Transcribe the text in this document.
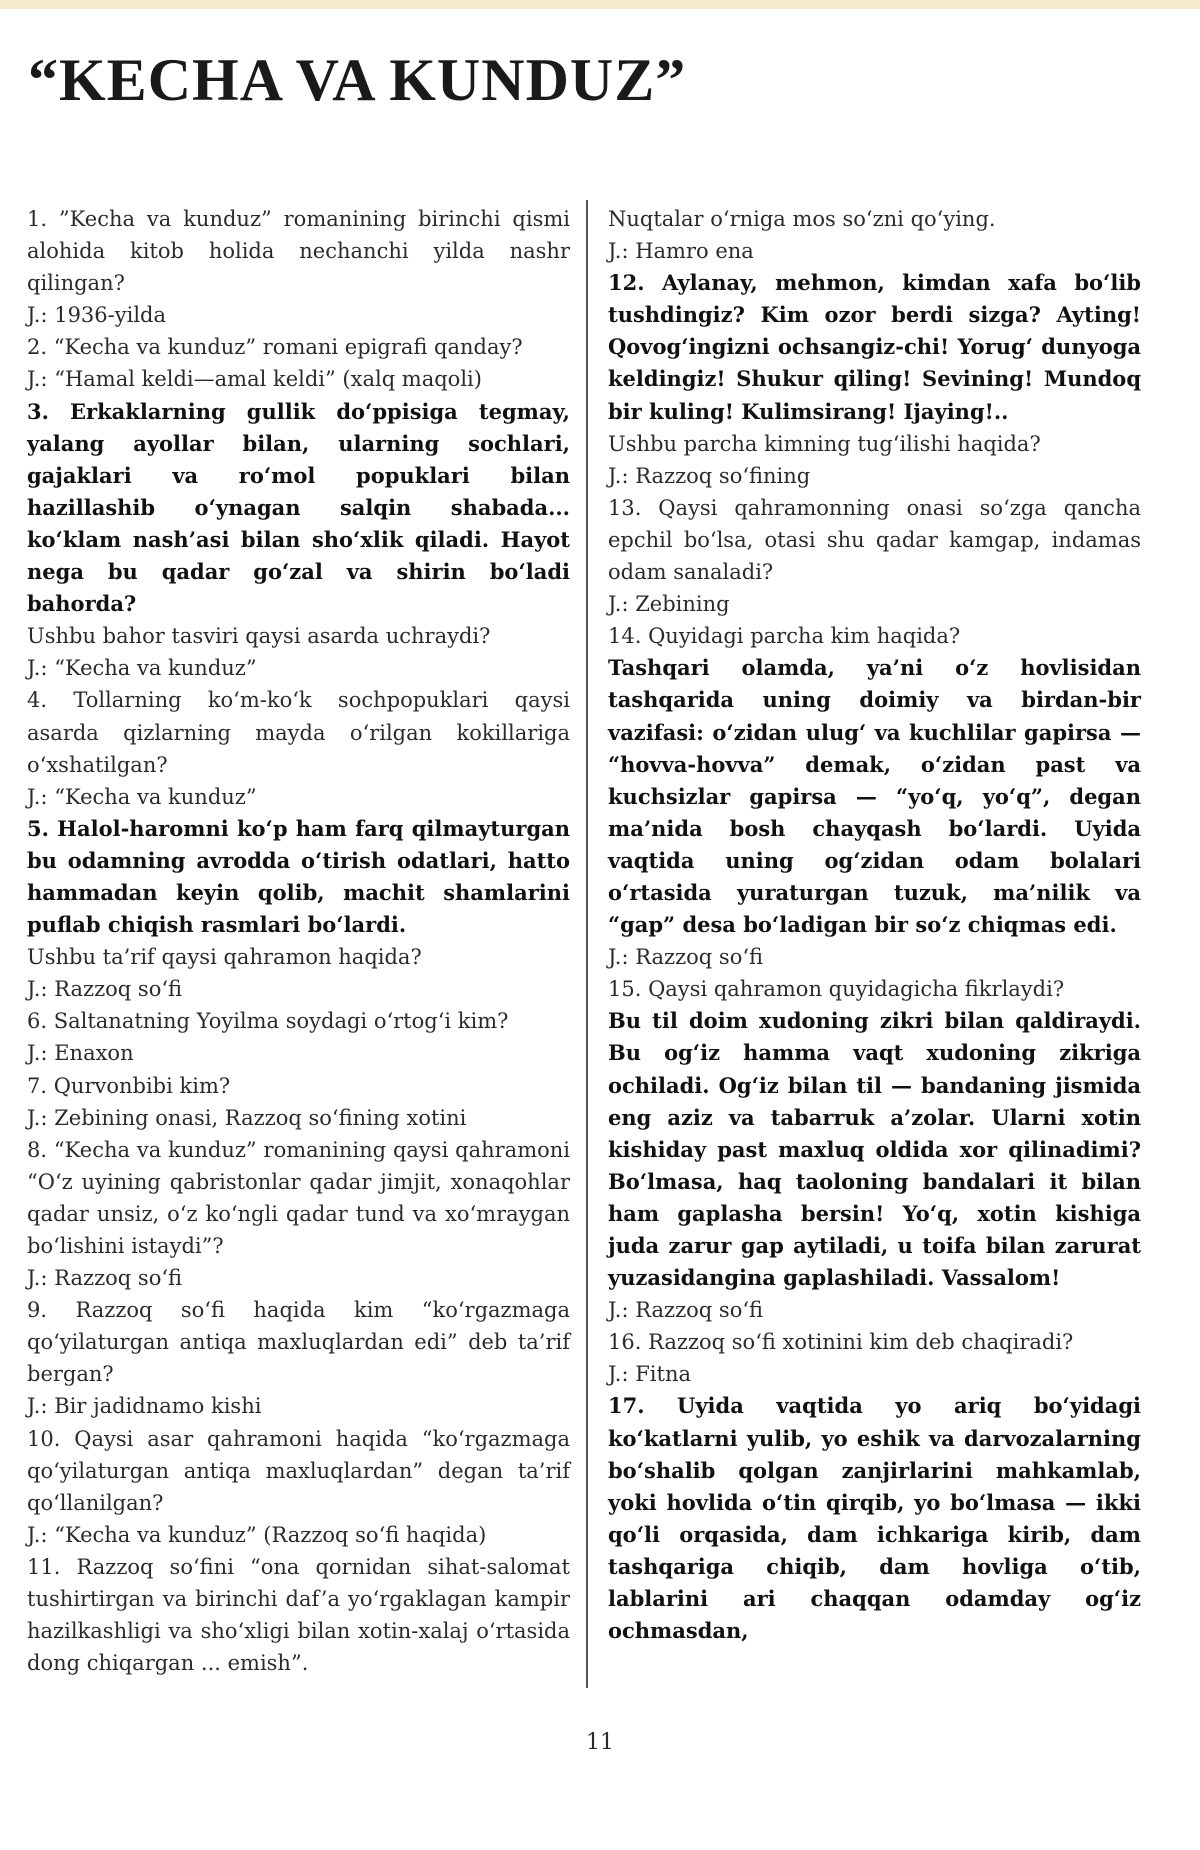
“KECHA VA KUNDUZ”

1. ”Kecha va kunduz” romanining birinchi qismi alohida kitob holida nechanchi yilda nashr qilingan?

J.: 1936-yilda

2. “Kecha va kunduz” romani epigrafi qanday?

J.: “Hamal keldi—amal keldi” (xalq maqoli)

3. Erkaklarning gullik do‘ppisiga tegmay, yalang ayollar bilan, ularning sochlari, gajaklari va ro‘mol popuklari bilan hazillashib o‘ynagan salqin shabada... ko‘klam nash’asi bilan sho‘xlik qiladi. Hayot nega bu qadar go‘zal va shirin bo‘ladi bahorda?

Ushbu bahor tasviri qaysi asarda uchraydi?

J.: “Kecha va kunduz”

4. Tollarning ko‘m-ko‘k sochpopuklari qaysi asarda qizlarning mayda o‘rilgan kokillariga o‘xshatilgan?

J.: “Kecha va kunduz”

5. Halol-haromni ko‘p ham farq qilmayturgan bu odamning avrodda o‘tirish odatlari, hatto hammadan keyin qolib, machit shamlarini puflab chiqish rasmlari bo‘lardi.

Ushbu ta’rif qaysi qahramon haqida?

J.: Razzoq so‘fi

6. Saltanatning Yoyilma soydagi o‘rtog‘i kim?

J.: Enaxon

7. Qurvonbibi kim?

J.: Zebining onasi, Razzoq so‘fining xotini

8. “Kecha va kunduz” romanining qaysi qahramoni “O‘z uyining qabristonlar qadar jimjit, xonaqohlar qadar unsiz, o‘z ko‘ngli qadar tund va xo‘mraygan bo‘lishini istaydi”?

J.: Razzoq so‘fi

9. Razzoq so‘fi haqida kim “ko‘rgazmaga qo‘yilaturgan antiqa maxluqlardan edi” deb ta’rif bergan?

J.: Bir jadidnamo kishi

10. Qaysi asar qahramoni haqida “ko‘rgazmaga qo‘yilaturgan antiqa maxluqlardan” degan ta’rif qo‘llanilgan?

J.: “Kecha va kunduz” (Razzoq so‘fi haqida)

11. Razzoq so‘fini “ona qornidan sihat-salomat tushirtirgan va birinchi daf’a yo‘rgaklagan kampir hazilkashligi va sho‘xligi bilan xotin-xalaj o‘rtasida dong chiqargan ... emish”.

Nuqtalar o‘rniga mos so‘zni qo‘ying.

J.: Hamro ena

12. Aylanay, mehmon, kimdan xafa bo‘lib tushdingiz? Kim ozor berdi sizga? Ayting! Qovog‘ingizni ochsangiz-chi! Yorug‘ dunyoga keldingiz! Shukur qiling! Sevining! Mundoq bir kuling! Kulimsirang! Ijaying!..

Ushbu parcha kimning tug‘ilishi haqida?

J.: Razzoq so‘fining

13. Qaysi qahramonning onasi so‘zga qancha epchil bo‘lsa, otasi shu qadar kamgap, indamas odam sanaladi?

J.: Zebining

14. Quyidagi parcha kim haqida?

Tashqari olamda, ya’ni o‘z hovlisidan tashqarida uning doimiy va birdan-bir vazifasi: o‘zidan ulug‘ va kuchlilar gapirsa — “hovva-hovva” demak, o‘zidan past va kuchsizlar gapirsa — “yo‘q, yo‘q”, degan ma’nida bosh chayqash bo‘lardi. Uyida vaqtida uning og‘zidan odam bolalari o‘rtasida yuraturgan tuzuk, ma’nilik va “gap” desa bo‘ladigan bir so‘z chiqmas edi.

J.: Razzoq so‘fi

15. Qaysi qahramon quyidagicha fikrlaydi?

Bu til doim xudoning zikri bilan qaldiraydi. Bu og‘iz hamma vaqt xudoning zikriga ochiladi. Og‘iz bilan til — bandaning jismida eng aziz va tabarruk a’zolar. Ularni xotin kishiday past maxluq oldida xor qilinadimi? Bo‘lmasa, haq taoloning bandalari it bilan ham gaplasha bersin! Yo‘q, xotin kishiga juda zarur gap aytiladi, u toifa bilan zarurat yuzasidangina gaplashiladi. Vassalom!

J.: Razzoq so‘fi

16. Razzoq so‘fi xotinini kim deb chaqiradi?

J.: Fitna

17. Uyida vaqtida yo ariq bo‘yidagi ko‘katlarni yulib, yo eshik va darvozalarning bo‘shalib qolgan zanjirlarini mahkamlab, yoki hovlida o‘tin qirqib, yo bo‘lmasa — ikki qo‘li orqasida, dam ichkariga kirib, dam tashqariga chiqib, dam hovliga o‘tib, lablarini ari chaqqan odamday og‘iz ochmasdan,

11
